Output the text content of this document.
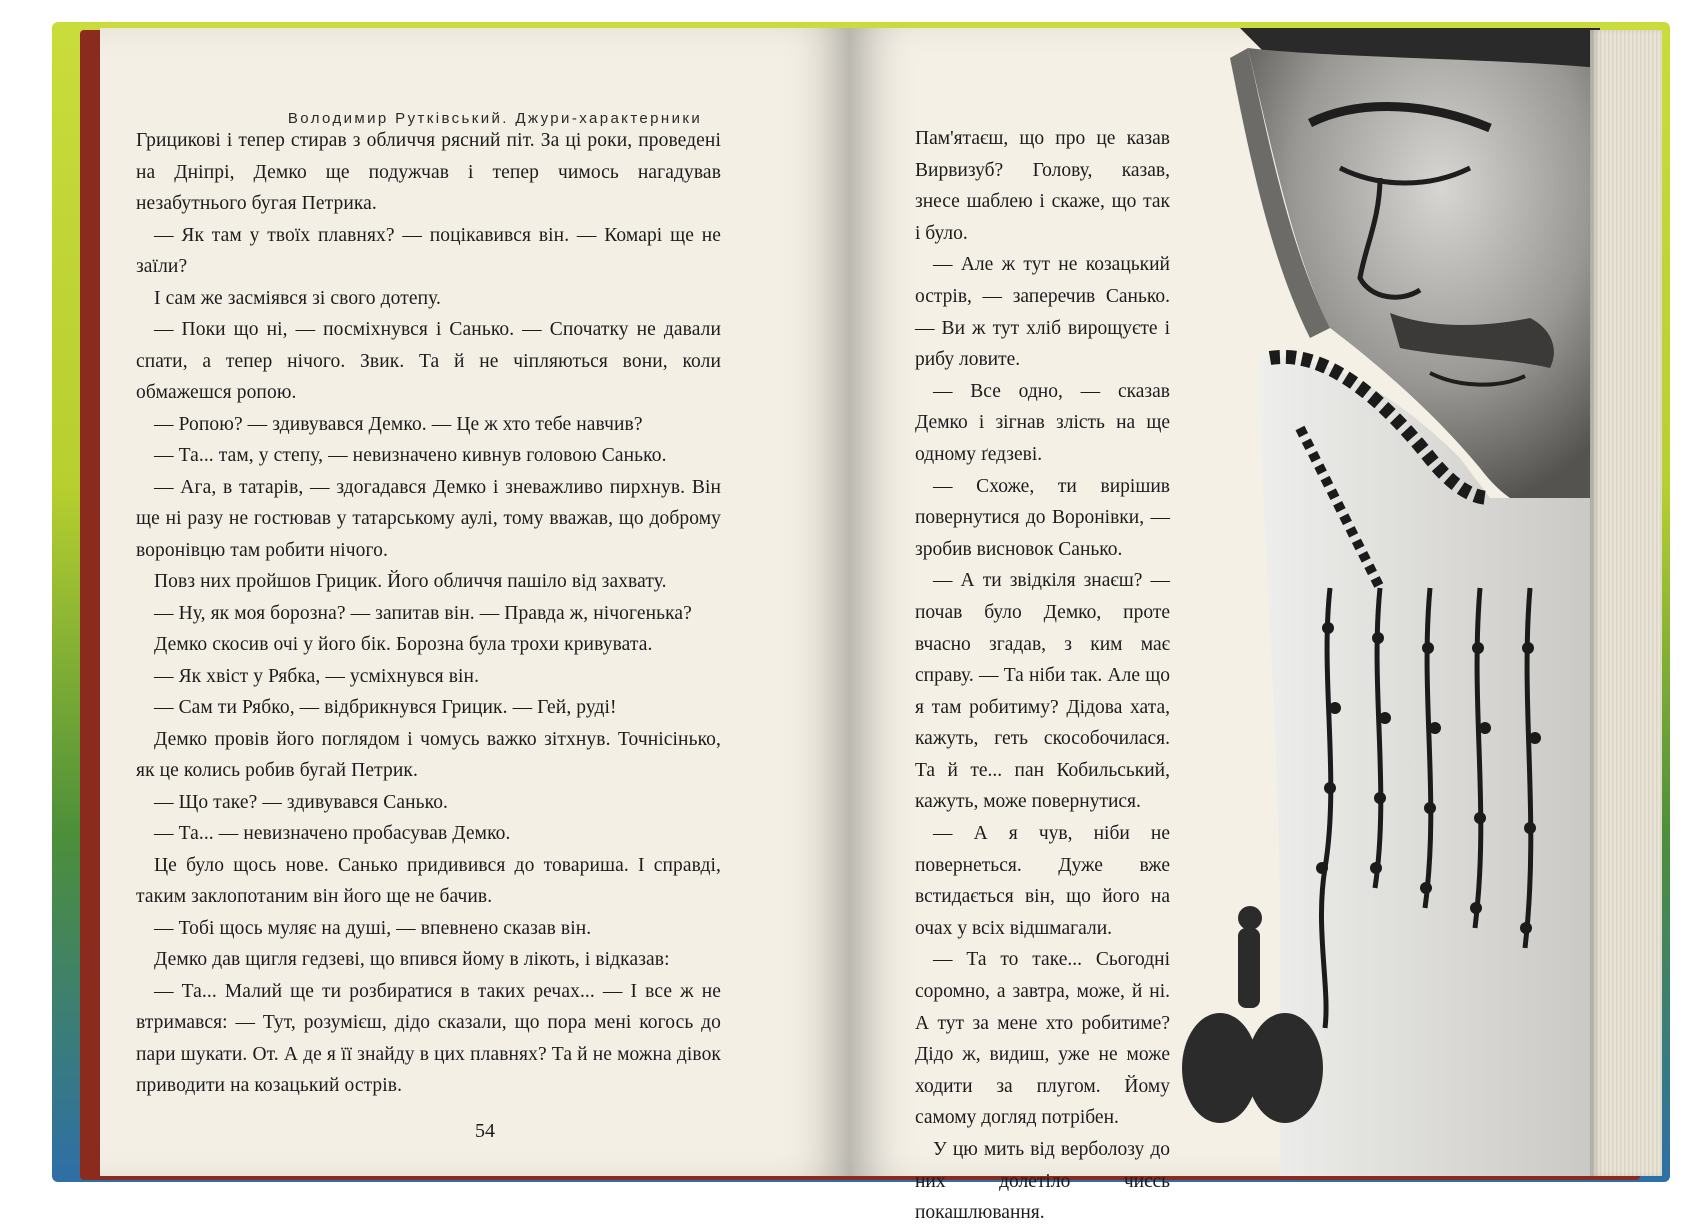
Володимир Рутківський. Джури-характерники
54

Грицикові і тепер стирав з обличчя рясний піт. За ці роки, проведені на Дніпрі, Демко ще подужчав і тепер чимось нагадував незабутнього бугая Петрика.

— Як там у твоїх плавнях? — поцікавився він. — Комарі ще не заїли?

І сам же засміявся зі свого дотепу.

— Поки що ні, — посміхнувся і Санько. — Спочатку не давали спати, а тепер нічого. Звик. Та й не чіпляються вони, коли обмажешся ропою.

— Ропою? — здивувався Демко. — Це ж хто тебе навчив?

— Та... там, у степу, — невизначено кивнув головою Санько.

— Ага, в татарів, — здогадався Демко і зневажливо пирхнув. Він ще ні разу не гостював у татарському аулі, тому вважав, що доброму воронівцю там робити нічого.

Повз них пройшов Грицик. Його обличчя пашіло від захвату.

— Ну, як моя борозна? — запитав він. — Правда ж, нічогенька?

Демко скосив очі у його бік. Борозна була трохи кривувата.

— Як хвіст у Рябка, — усміхнувся він.

— Сам ти Рябко, — відбрикнувся Грицик. — Гей, руді!

Демко провів його поглядом і чомусь важко зітхнув. Точнісінько, як це колись робив бугай Петрик.

— Що таке? — здивувався Санько.

— Та... — невизначено пробасував Демко.

Це було щось нове. Санько придивився до товариша. І справді, таким заклопотаним він його ще не бачив.

— Тобі щось муляє на душі, — впевнено сказав він.

Демко дав щигля гедзеві, що впився йому в лікоть, і відказав:

— Та... Малий ще ти розбиратися в таких речах... — І все ж не втримався: — Тут, розумієш, дідо сказали, що пора мені когось до пари шукати. От. А де я її знайду в цих плавнях? Та й не можна дівок приводити на козацький острів.

Пам'ятаєш, що про це казав Вирвизуб? Голову, казав, знесе шаблею і скаже, що так і було.

— Але ж тут не козацький острів, — заперечив Санько. — Ви ж тут хліб вирощуєте і рибу ловите.

— Все одно, — сказав Демко і зігнав злість на ще одному ґедзеві.

— Схоже, ти вирішив повернутися до Воронівки, — зробив висновок Санько.

— А ти звідкіля знаєш? — почав було Демко, проте вчасно згадав, з ким має справу. — Та ніби так. Але що я там робитиму? Дідова хата, кажуть, геть скособочилася. Та й те... пан Кобильський, кажуть, може повернутися.

— А я чув, ніби не повернеться. Дуже вже встидається він, що його на очах у всіх відшмагали.

— Та то таке... Сьогодні соромно, а завтра, може, й ні. А тут за мене хто робитиме? Дідо ж, видиш, уже не може ходити за плугом. Йому самому догляд потрібен.

У цю мить від верболозу до них долетіло чиєсь покашлювання.
